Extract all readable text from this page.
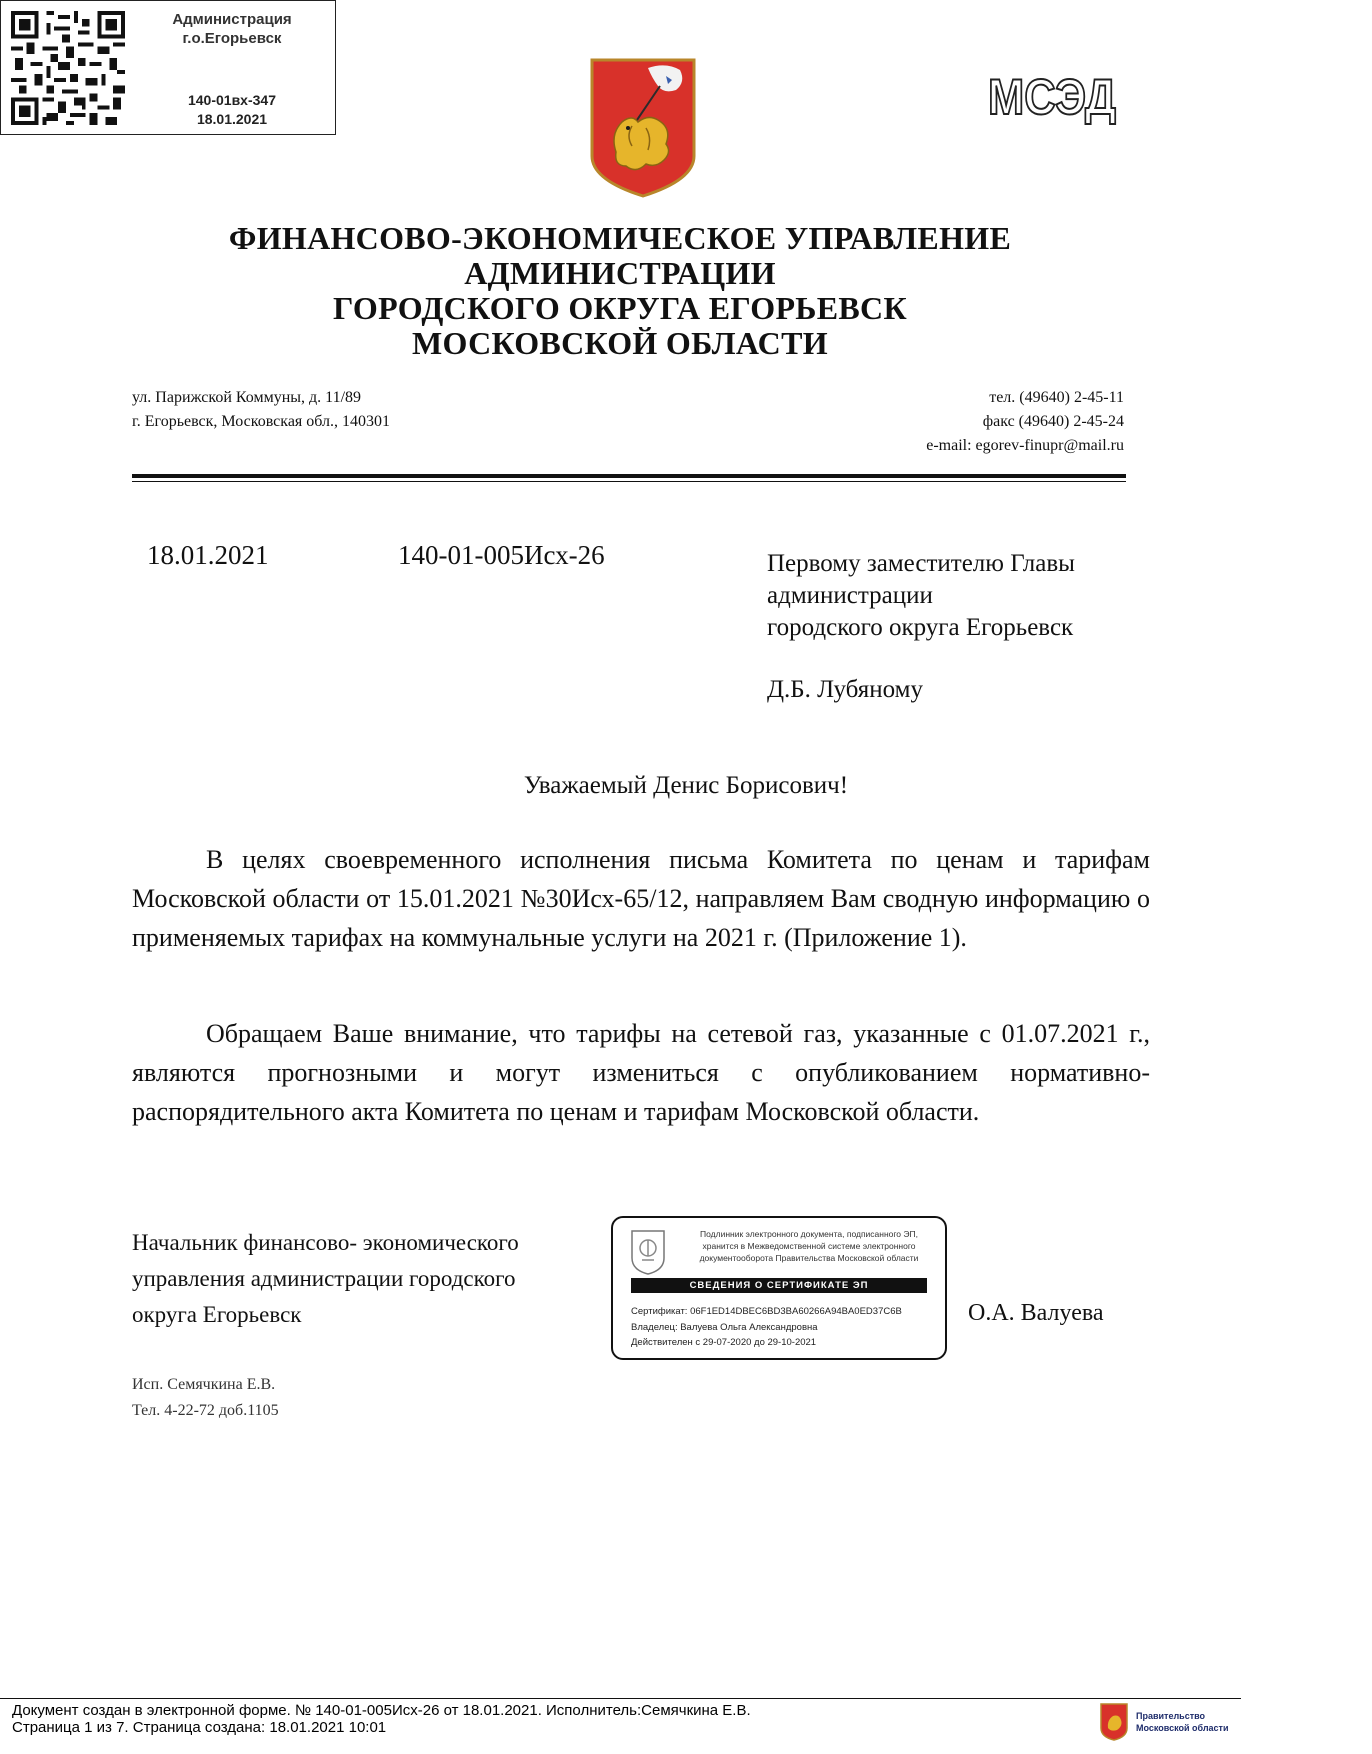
Администрация
г.о.Егорьевск
140-01вх-347
18.01.2021	МСЭД
ФИНАНСОВО-ЭКОНОМИЧЕСКОЕ УПРАВЛЕНИЕ
АДМИНИСТРАЦИИ
ГОРОДСКОГО ОКРУГА ЕГОРЬЕВСК
МОСКОВСКОЙ ОБЛАСТИ
ул. Парижской Коммуны, д. 11/89
г. Егорьевск, Московская обл., 140301
тел. (49640) 2-45-11
факс (49640) 2-45-24
e-mail: egorev-finupr@mail.ru
18.01.2021	140-01-005Исх-26	Первому заместителю Главы
администрации
городского округа Егорьевск
Д.Б. Лубяному
Уважаемый Денис Борисович!
В целях своевременного исполнения письма Комитета по ценам и тарифам Московской области от 15.01.2021 №30Исх-65/12, направляем Вам сводную информацию о применяемых тарифах на коммунальные услуги на 2021 г. (Приложение 1).
Обращаем Ваше внимание, что тарифы на сетевой газ, указанные с 01.07.2021 г., являются прогнозными и могут измениться с опубликованием нормативно- распорядительного акта Комитета по ценам и тарифам Московской области.
Начальник финансово- экономического
управления администрации городского
округа Егорьевск
Подлинник электронного документа, подписанного ЭП,
хранится в Межведомственной системе электронного
документооборота Правительства Московской области
СВЕДЕНИЯ О СЕРТИФИКАТЕ ЭП
Сертификат: 06F1ED14DBEC6BD3BA60266A94BA0ED37C6B
Владелец: Валуева Ольга Александровна
Действителен с 29-07-2020 до 29-10-2021
О.А. Валуева
Исп. Семячкина Е.В.
Тел. 4-22-72 доб.1105
Документ создан в электронной форме. № 140-01-005Исх-26 от 18.01.2021. Исполнитель:Семячкина Е.В.
Страница 1 из 7. Страница создана: 18.01.2021 10:01
Правительство
Московской области
